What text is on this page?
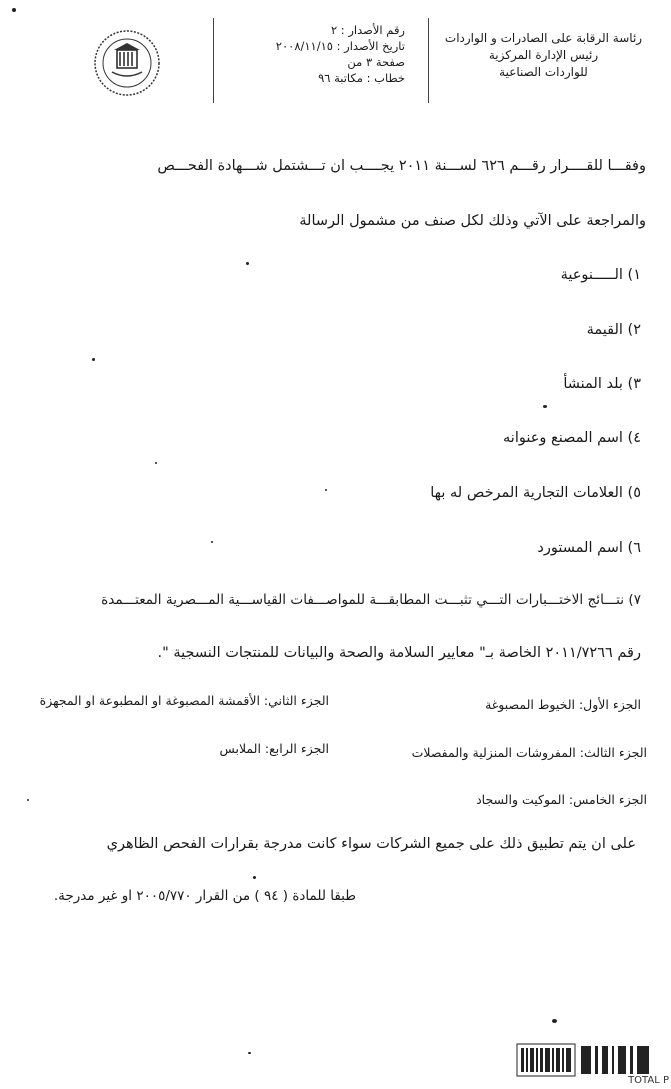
رئاسة الرقابة على الصادرات و الواردات
رئيس الإدارة المركزية
للواردات الصناعية
رقم الأصدار : ٢
تاريخ الأصدار : ٢٠٠٨/١١/١٥
صفحة ٣ من
خطاب : مكاتبة ٩٦
وفقـــا للقــــرار رقـــم ٦٢٦ لســـنة ٢٠١١ يجــــب ان تـــشتمل شـــهادة الفحـــص
والمراجعة على الآتي وذلك لكل صنف من مشمول الرسالة
١) الـــــنوعية
٢) القيمة
٣) بلد المنشأ
٤) اسم المصنع وعنوانه
٥) العلامات التجارية المرخص له بها
٦) اسم المستورد
٧) نتـــائج الاختـــبارات التـــي تثبـــت المطابقـــة للمواصـــفات القياســـية المـــصرية المعتـــمدة
رقم ٢٠١١/٧٢٦٦ الخاصة بـ" معايير السلامة والصحة والبيانات للمنتجات النسجية ".
الجزء الأول: الخيوط المصبوغة
الجزء الثاني: الأقمشة المصبوغة او المطبوعة او المجهزة
الجزء الثالث: المفروشات المنزلية والمفصلات
الجزء الرابع: الملابس
الجزء الخامس: الموكيت والسجاد
على ان يتم تطبيق ذلك على جميع الشركات سواء كانت مدرجة بقرارات الفحص الظاهري
طبقا للمادة ( ٩٤ ) من القرار ٢٠٠٥/٧٧٠ او غير مدرجة.
TOTAL P
